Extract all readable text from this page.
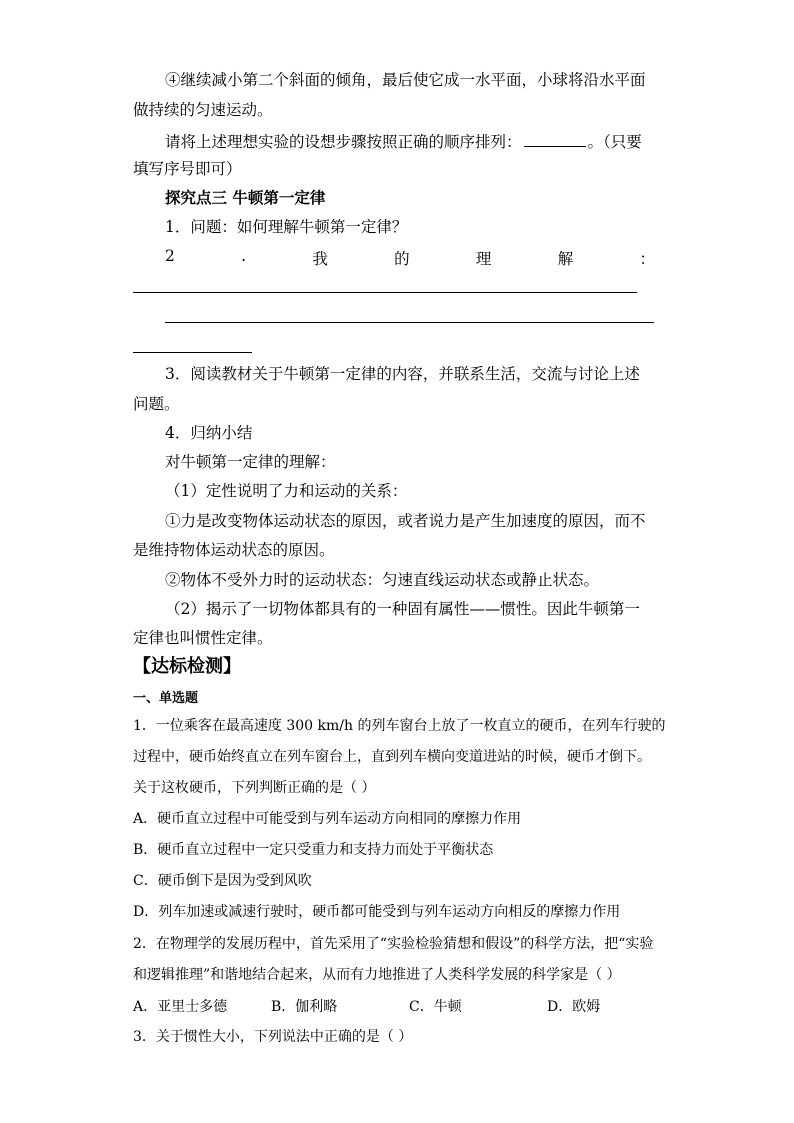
④继续减小第二个斜面的倾角，最后使它成一水平面，小球将沿水平面
做持续的匀速运动。
请将上述理想实验的设想步骤按照正确的顺序排列：	。（只要
填写序号即可）
探究点三 牛顿第一定律
1．问题：如何理解牛顿第一定律？
2	.	我	的	理	解	：
3．阅读教材关于牛顿第一定律的内容，并联系生活，交流与讨论上述
问题。
4．归纳小结
对牛顿第一定律的理解：
（1）定性说明了力和运动的关系：
①力是改变物体运动状态的原因，或者说力是产生加速度的原因，而不
是维持物体运动状态的原因。
②物体不受外力时的运动状态：匀速直线运动状态或静止状态。
（2）揭示了一切物体都具有的一种固有属性——惯性。因此牛顿第一
定律也叫惯性定律。
【达标检测】
一、单选题
1．一位乘客在最高速度 300 km/h 的列车窗台上放了一枚直立的硬币，在列车行驶的
过程中，硬币始终直立在列车窗台上，直到列车横向变道进站的时候，硬币才倒下。
关于这枚硬币，下列判断正确的是（ ）
A．硬币直立过程中可能受到与列车运动方向相同的摩擦力作用
B．硬币直立过程中一定只受重力和支持力而处于平衡状态
C．硬币倒下是因为受到风吹
D．列车加速或减速行驶时，硬币都可能受到与列车运动方向相反的摩擦力作用
2．在物理学的发展历程中，首先采用了“实验检验猜想和假设”的科学方法，把“实验
和逻辑推理”和谐地结合起来，从而有力地推进了人类科学发展的科学家是（ ）
A．亚里士多德	B．伽利略	C．牛顿	D．欧姆
3．关于惯性大小，下列说法中正确的是（ ）
